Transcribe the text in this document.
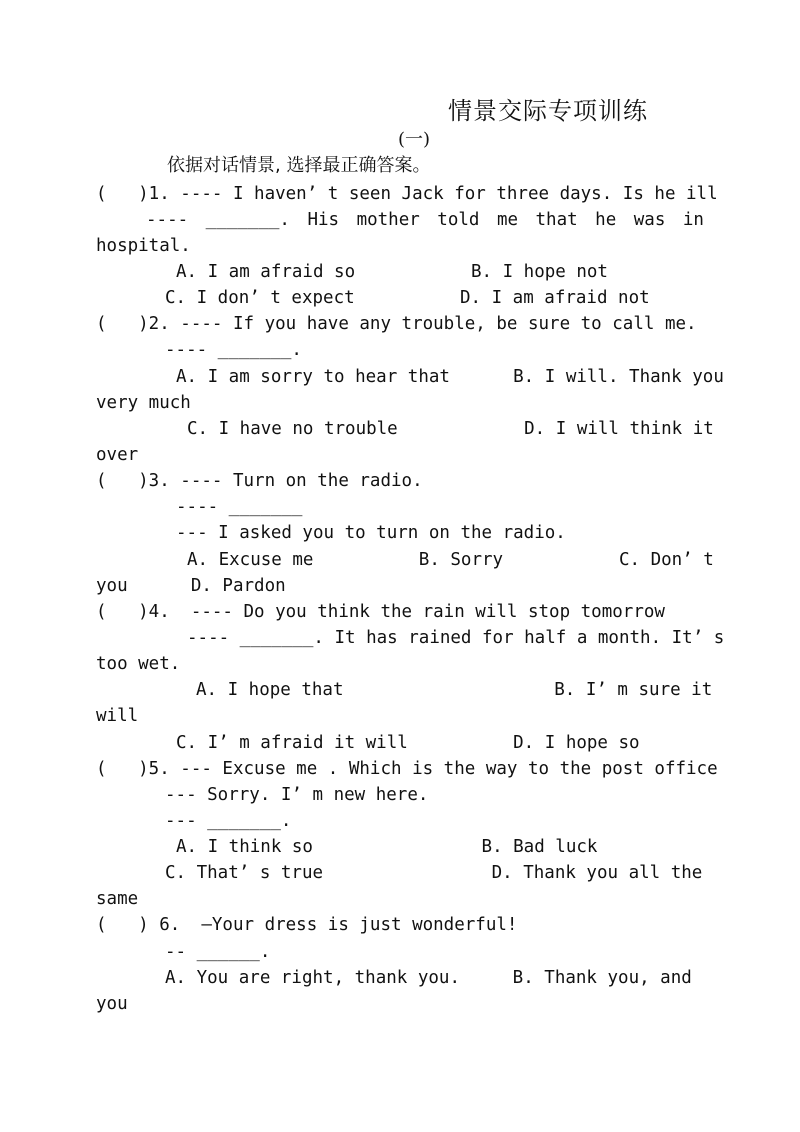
情景交际专项训练
(一)
依据对话情景, 选择最正确答案。
(   )1. ---- I haven’ t seen Jack for three days. Is he ill
---- _______. His mother told me that he was in
hospital.
A. I am afraid so           B. I hope not
C. I don’ t expect          D. I am afraid not
(   )2. ---- If you have any trouble, be sure to call me.
---- _______.
A. I am sorry to hear that      B. I will. Thank you
very much
C. I have no trouble            D. I will think it
over
(   )3. ---- Turn on the radio.
---- _______
--- I asked you to turn on the radio.
A. Excuse me          B. Sorry           C. Don’ t
you      D. Pardon
(   )4.  ---- Do you think the rain will stop tomorrow
---- _______. It has rained for half a month. It’ s
too wet.
A. I hope that                    B. I’ m sure it
will
C. I’ m afraid it will          D. I hope so
(   )5. --- Excuse me . Which is the way to the post office
--- Sorry. I’ m new here.
--- _______.
A. I think so                B. Bad luck
C. That’ s true                D. Thank you all the
same
(   ) 6.  –Your dress is just wonderful!
-- ______.
A. You are right, thank you.     B. Thank you, and
you
